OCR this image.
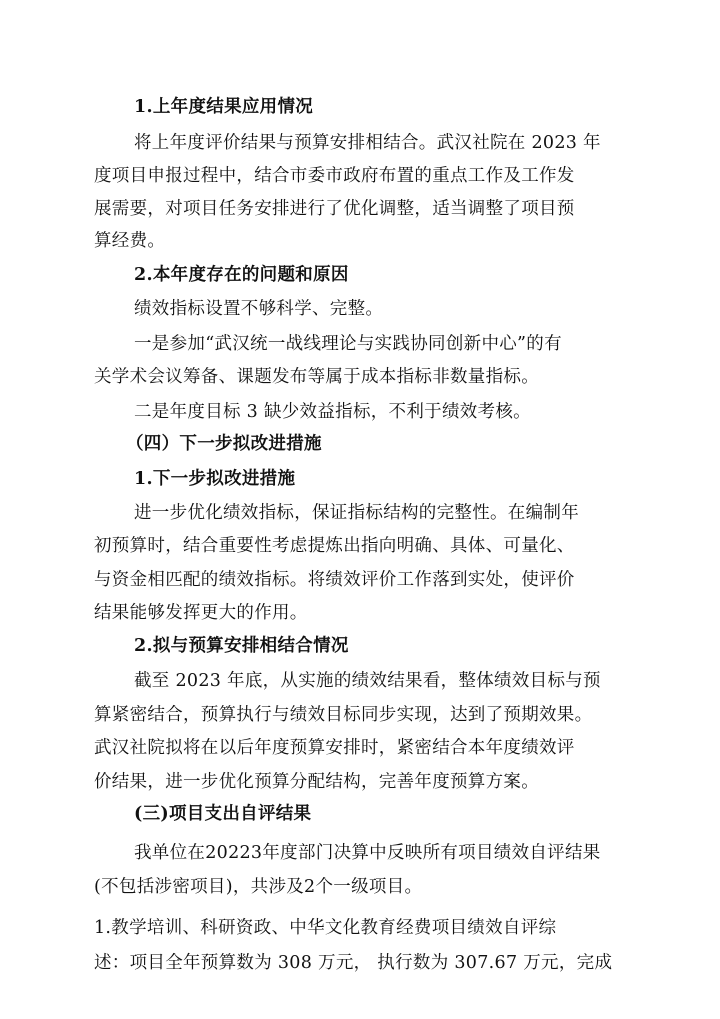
1.上年度结果应用情况
将上年度评价结果与预算安排相结合。武汉社院在 2023 年
度项目申报过程中，结合市委市政府布置的重点工作及工作发
展需要，对项目任务安排进行了优化调整，适当调整了项目预
算经费。
2.本年度存在的问题和原因
绩效指标设置不够科学、完整。
一是参加“武汉统一战线理论与实践协同创新中心”的有
关学术会议筹备、课题发布等属于成本指标非数量指标。
二是年度目标 3 缺少效益指标，不利于绩效考核。
（四）下一步拟改进措施
1.下一步拟改进措施
进一步优化绩效指标，保证指标结构的完整性。在编制年
初预算时，结合重要性考虑提炼出指向明确、具体、可量化、
与资金相匹配的绩效指标。将绩效评价工作落到实处，使评价
结果能够发挥更大的作用。
2.拟与预算安排相结合情况
截至 2023 年底，从实施的绩效结果看，整体绩效目标与预
算紧密结合，预算执行与绩效目标同步实现，达到了预期效果。
武汉社院拟将在以后年度预算安排时，紧密结合本年度绩效评
价结果，进一步优化预算分配结构，完善年度预算方案。
(三)项目支出自评结果
我单位在20223年度部门决算中反映所有项目绩效自评结果
(不包括涉密项目)，共涉及2个一级项目。
1.教学培训、科研资政、中华文化教育经费项目绩效自评综
述：项目全年预算数为 308 万元， 执行数为 307.67 万元，完成
